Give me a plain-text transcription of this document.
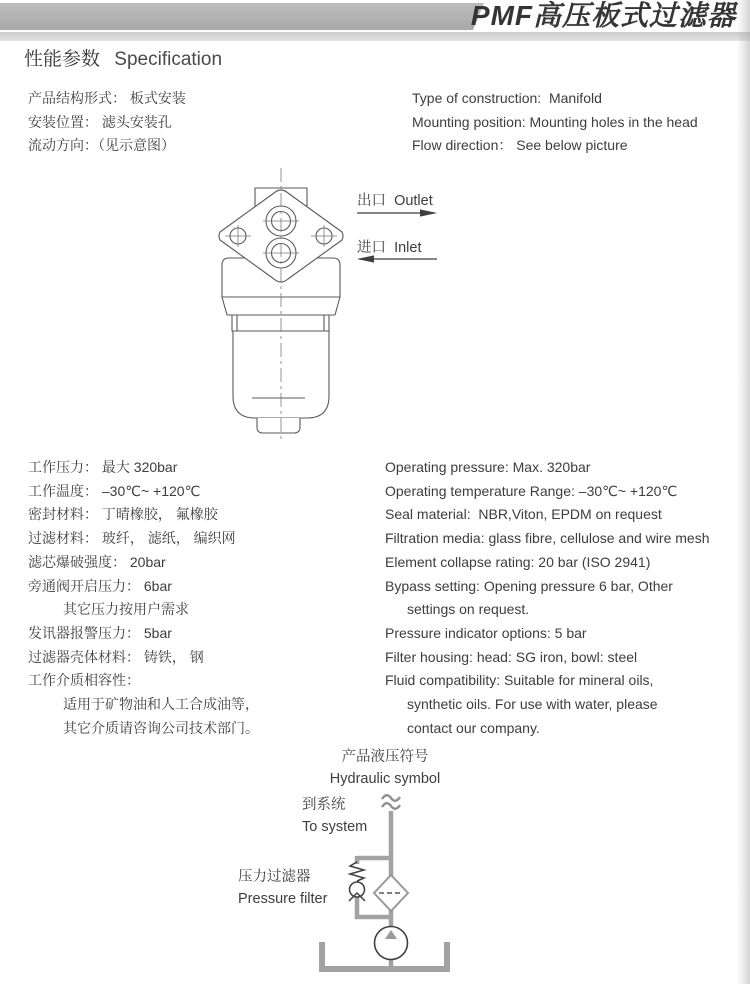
PMF高压板式过滤器
性能参数 Specification
产品结构形式： 板式安装
安装位置： 滤头安装孔
流动方向：（见示意图）
Type of construction:  Manifold
Mounting position: Mounting holes in the head
Flow direction： See below picture
出口 Outlet
进口 Inlet
工作压力： 最大 320bar
工作温度： –30℃~ +120℃
密封材料： 丁晴橡胶， 氟橡胶
过滤材料： 玻纤， 滤纸， 编织网
滤芯爆破强度： 20bar
旁通阀开启压力： 6bar
其它压力按用户需求
发讯器报警压力： 5bar
过滤器壳体材料： 铸铁， 钢
工作介质相容性：
适用于矿物油和人工合成油等，
其它介质请咨询公司技术部门。
Operating pressure: Max. 320bar
Operating temperature Range: –30℃~ +120℃
Seal material:  NBR,Viton, EPDM on request
Filtration media: glass fibre, cellulose and wire mesh
Element collapse rating: 20 bar (ISO 2941)
Bypass setting: Opening pressure 6 bar, Other
settings on request.
Pressure indicator options: 5 bar
Filter housing: head: SG iron, bowl: steel
Fluid compatibility: Suitable for mineral oils,
synthetic oils. For use with water, please
contact our company.
产品液压符号
Hydraulic symbol
到系统
To system
压力过滤器
Pressure filter
